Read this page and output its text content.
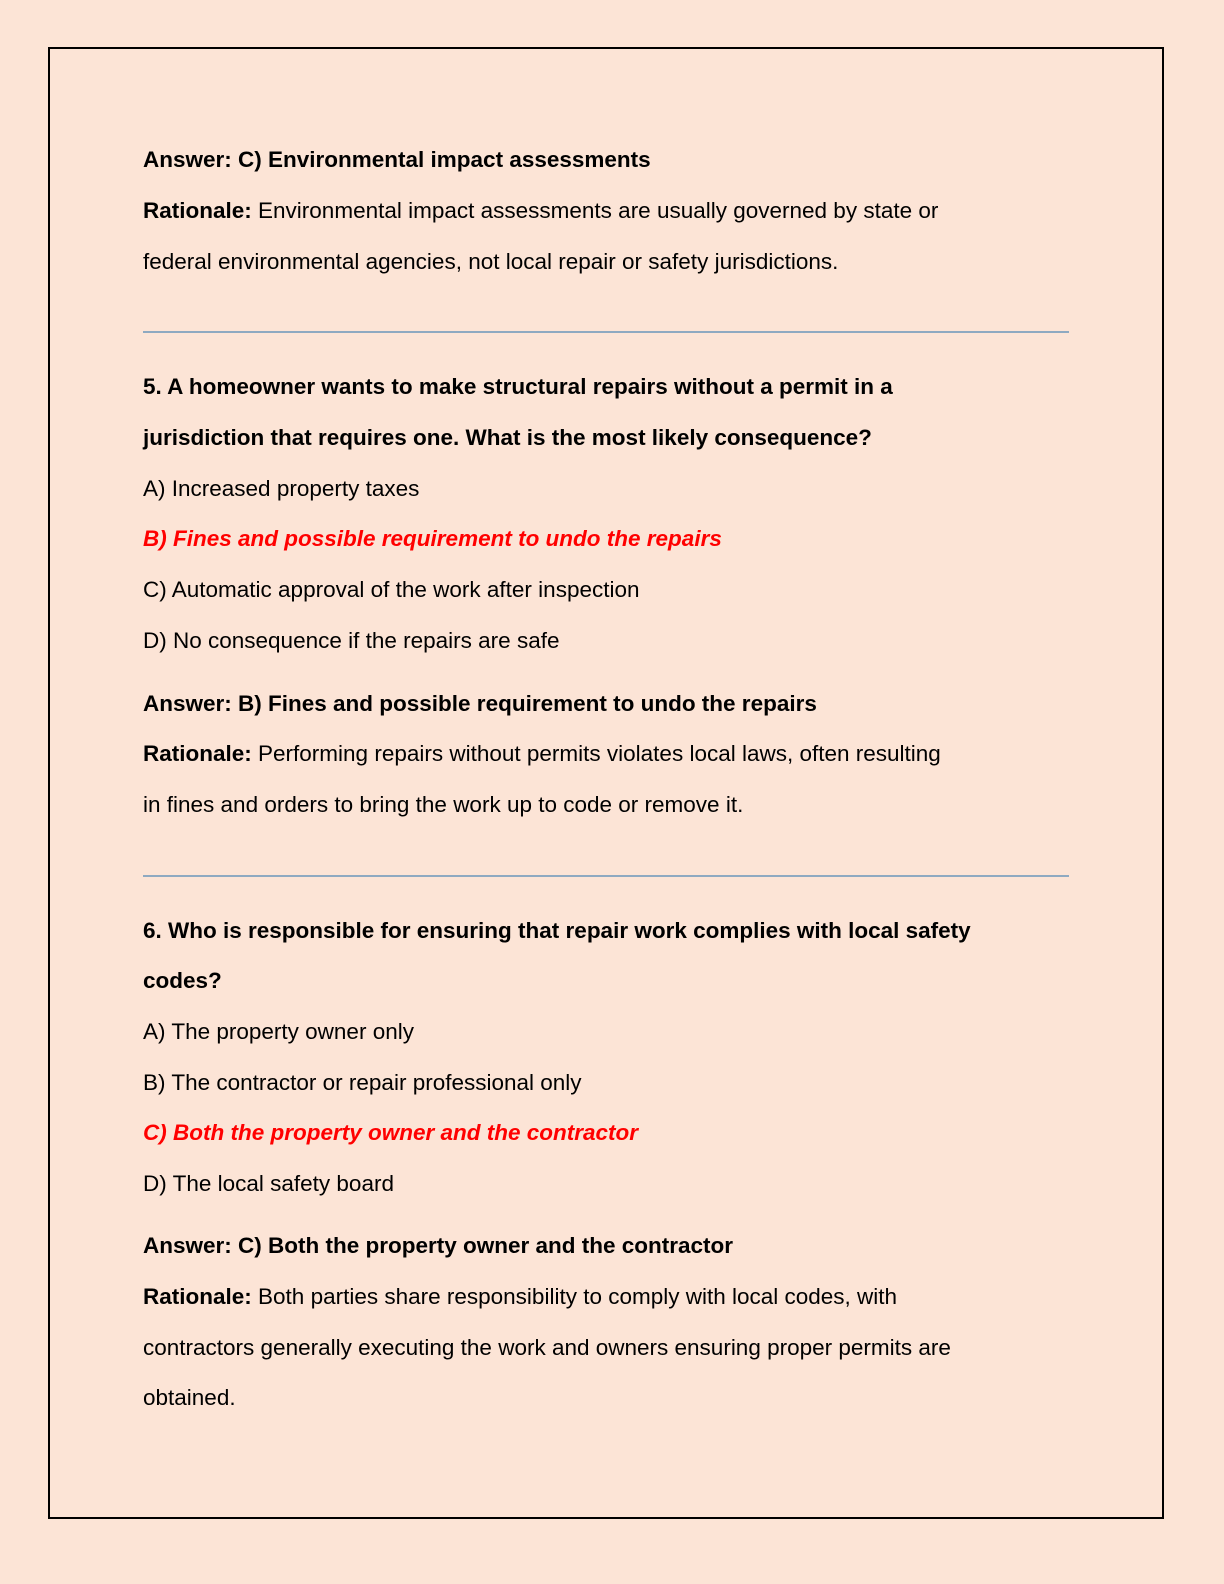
Answer: C) Environmental impact assessments
Rationale: Environmental impact assessments are usually governed by state or
federal environmental agencies, not local repair or safety jurisdictions.
5. A homeowner wants to make structural repairs without a permit in a
jurisdiction that requires one. What is the most likely consequence?
A) Increased property taxes
B) Fines and possible requirement to undo the repairs
C) Automatic approval of the work after inspection
D) No consequence if the repairs are safe
Answer: B) Fines and possible requirement to undo the repairs
Rationale: Performing repairs without permits violates local laws, often resulting
in fines and orders to bring the work up to code or remove it.
6. Who is responsible for ensuring that repair work complies with local safety
codes?
A) The property owner only
B) The contractor or repair professional only
C) Both the property owner and the contractor
D) The local safety board
Answer: C) Both the property owner and the contractor
Rationale: Both parties share responsibility to comply with local codes, with
contractors generally executing the work and owners ensuring proper permits are
obtained.
